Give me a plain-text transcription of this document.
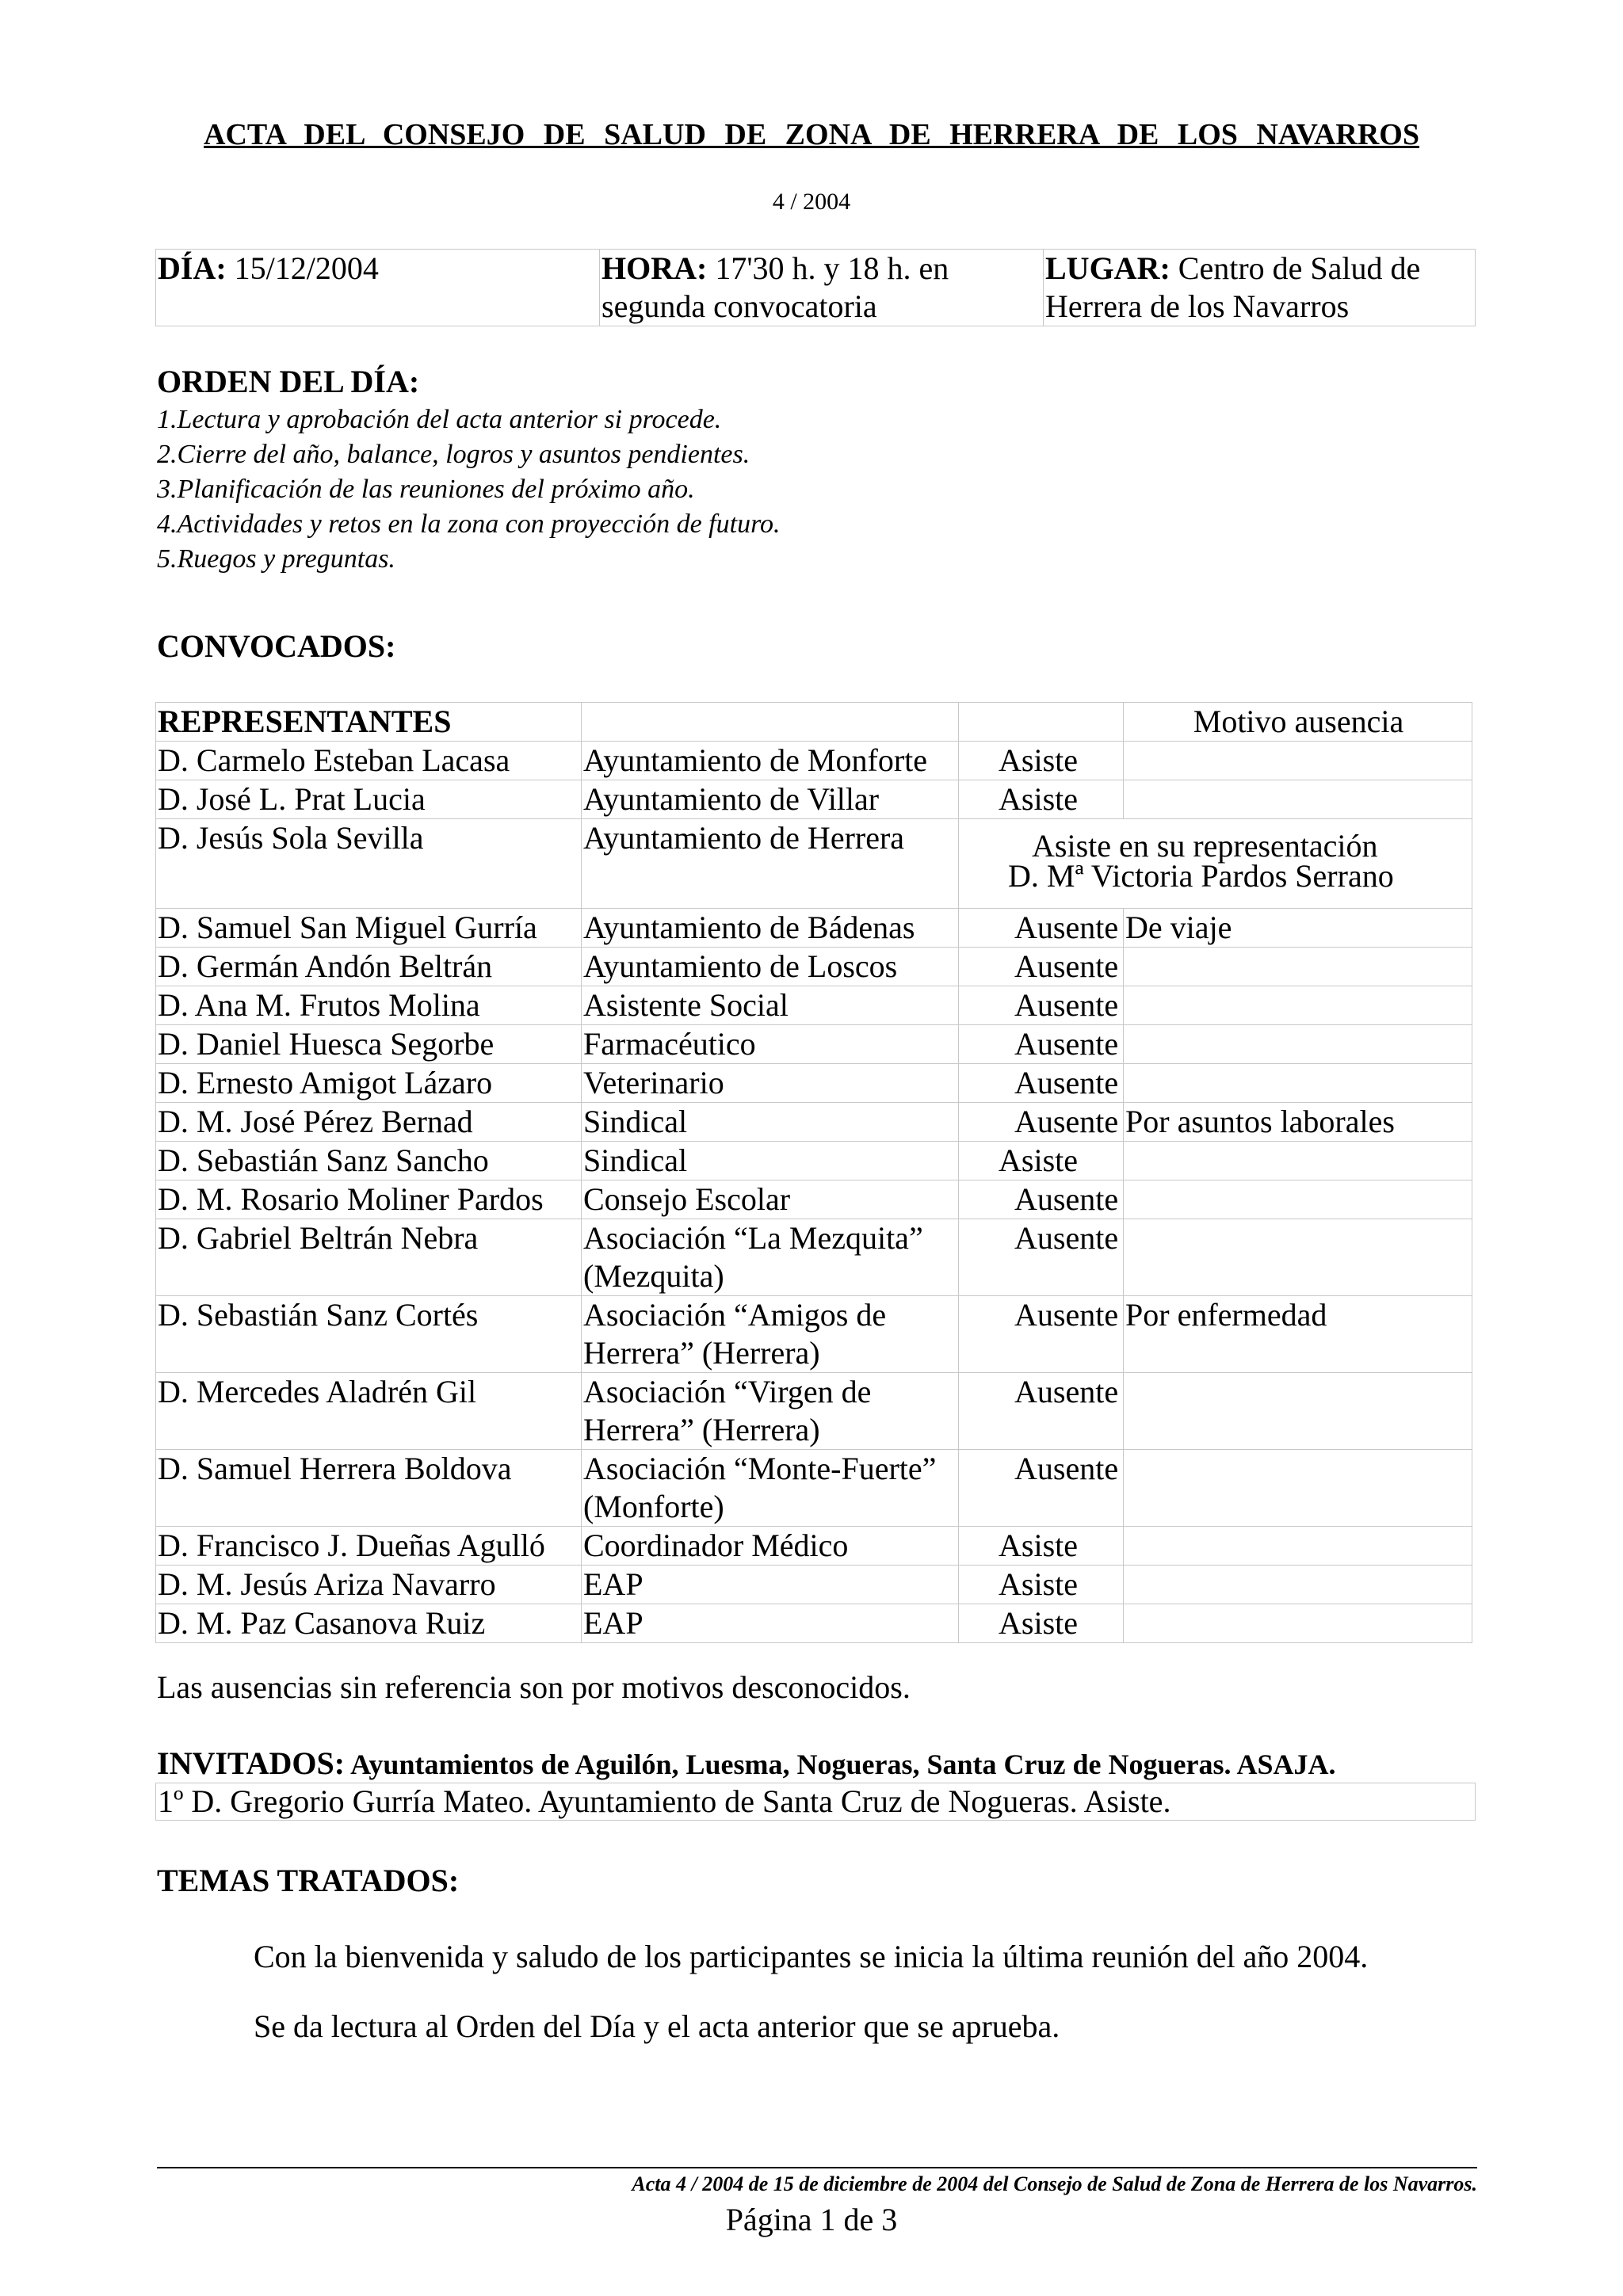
ACTA DEL CONSEJO DE SALUD DE ZONA DE HERRERA DE LOS NAVARROS
4 / 2004
DÍA: 15/12/2004	HORA: 17'30 h. y 18 h. en segunda convocatoria	LUGAR: Centro de Salud de Herrera de los Navarros
ORDEN DEL DÍA:
1.Lectura y aprobación del acta anterior si procede.
2.Cierre del año, balance, logros y asuntos pendientes.
3.Planificación de las reuniones del próximo año.
4.Actividades y retos en la zona con proyección de futuro.
5.Ruegos y preguntas.
CONVOCADOS:
REPRESENTANTES			Motivo ausencia
D. Carmelo Esteban Lacasa	Ayuntamiento de Monforte	Asiste	
D. José L. Prat Lucia	Ayuntamiento de Villar	Asiste	
D. Jesús Sola Sevilla	Ayuntamiento de Herrera	Asiste en su representación
D. Mª Victoria Pardos Serrano	

D. Samuel San Miguel Gurría	Ayuntamiento de Bádenas	Ausente	De viaje
D. Germán Andón Beltrán	Ayuntamiento de Loscos	Ausente	
D. Ana M. Frutos Molina	Asistente Social	Ausente	
D. Daniel Huesca Segorbe	Farmacéutico	Ausente	
D. Ernesto Amigot Lázaro	Veterinario	Ausente	
D. M. José Pérez Bernad	Sindical	Ausente	Por asuntos laborales
D. Sebastián Sanz Sancho	Sindical	Asiste	
D. M. Rosario Moliner Pardos	Consejo Escolar	Ausente	
D. Gabriel Beltrán Nebra	Asociación “La Mezquita” (Mezquita)	Ausente	
D. Sebastián Sanz Cortés	Asociación “Amigos de Herrera” (Herrera)	Ausente	Por enfermedad
D. Mercedes Aladrén Gil	Asociación “Virgen de Herrera” (Herrera)	Ausente	
D. Samuel Herrera Boldova	Asociación “Monte-Fuerte” (Monforte)	Ausente	
D. Francisco J. Dueñas Agulló	Coordinador Médico	Asiste	
D. M. Jesús Ariza Navarro	EAP	Asiste	
D. M. Paz Casanova Ruiz	EAP	Asiste	
Las ausencias sin referencia son por motivos desconocidos.
INVITADOS: Ayuntamientos de Aguilón, Luesma, Nogueras, Santa Cruz de Nogueras. ASAJA.
1º D. Gregorio Gurría Mateo. Ayuntamiento de Santa Cruz de Nogueras. Asiste.
TEMAS TRATADOS:
Con la bienvenida y saludo de los participantes se inicia la última reunión del año 2004.
Se da lectura al Orden del Día y el acta anterior que se aprueba.
Acta 4 / 2004 de 15 de diciembre de 2004 del Consejo de Salud de Zona de Herrera de los Navarros.
Página 1 de 3
